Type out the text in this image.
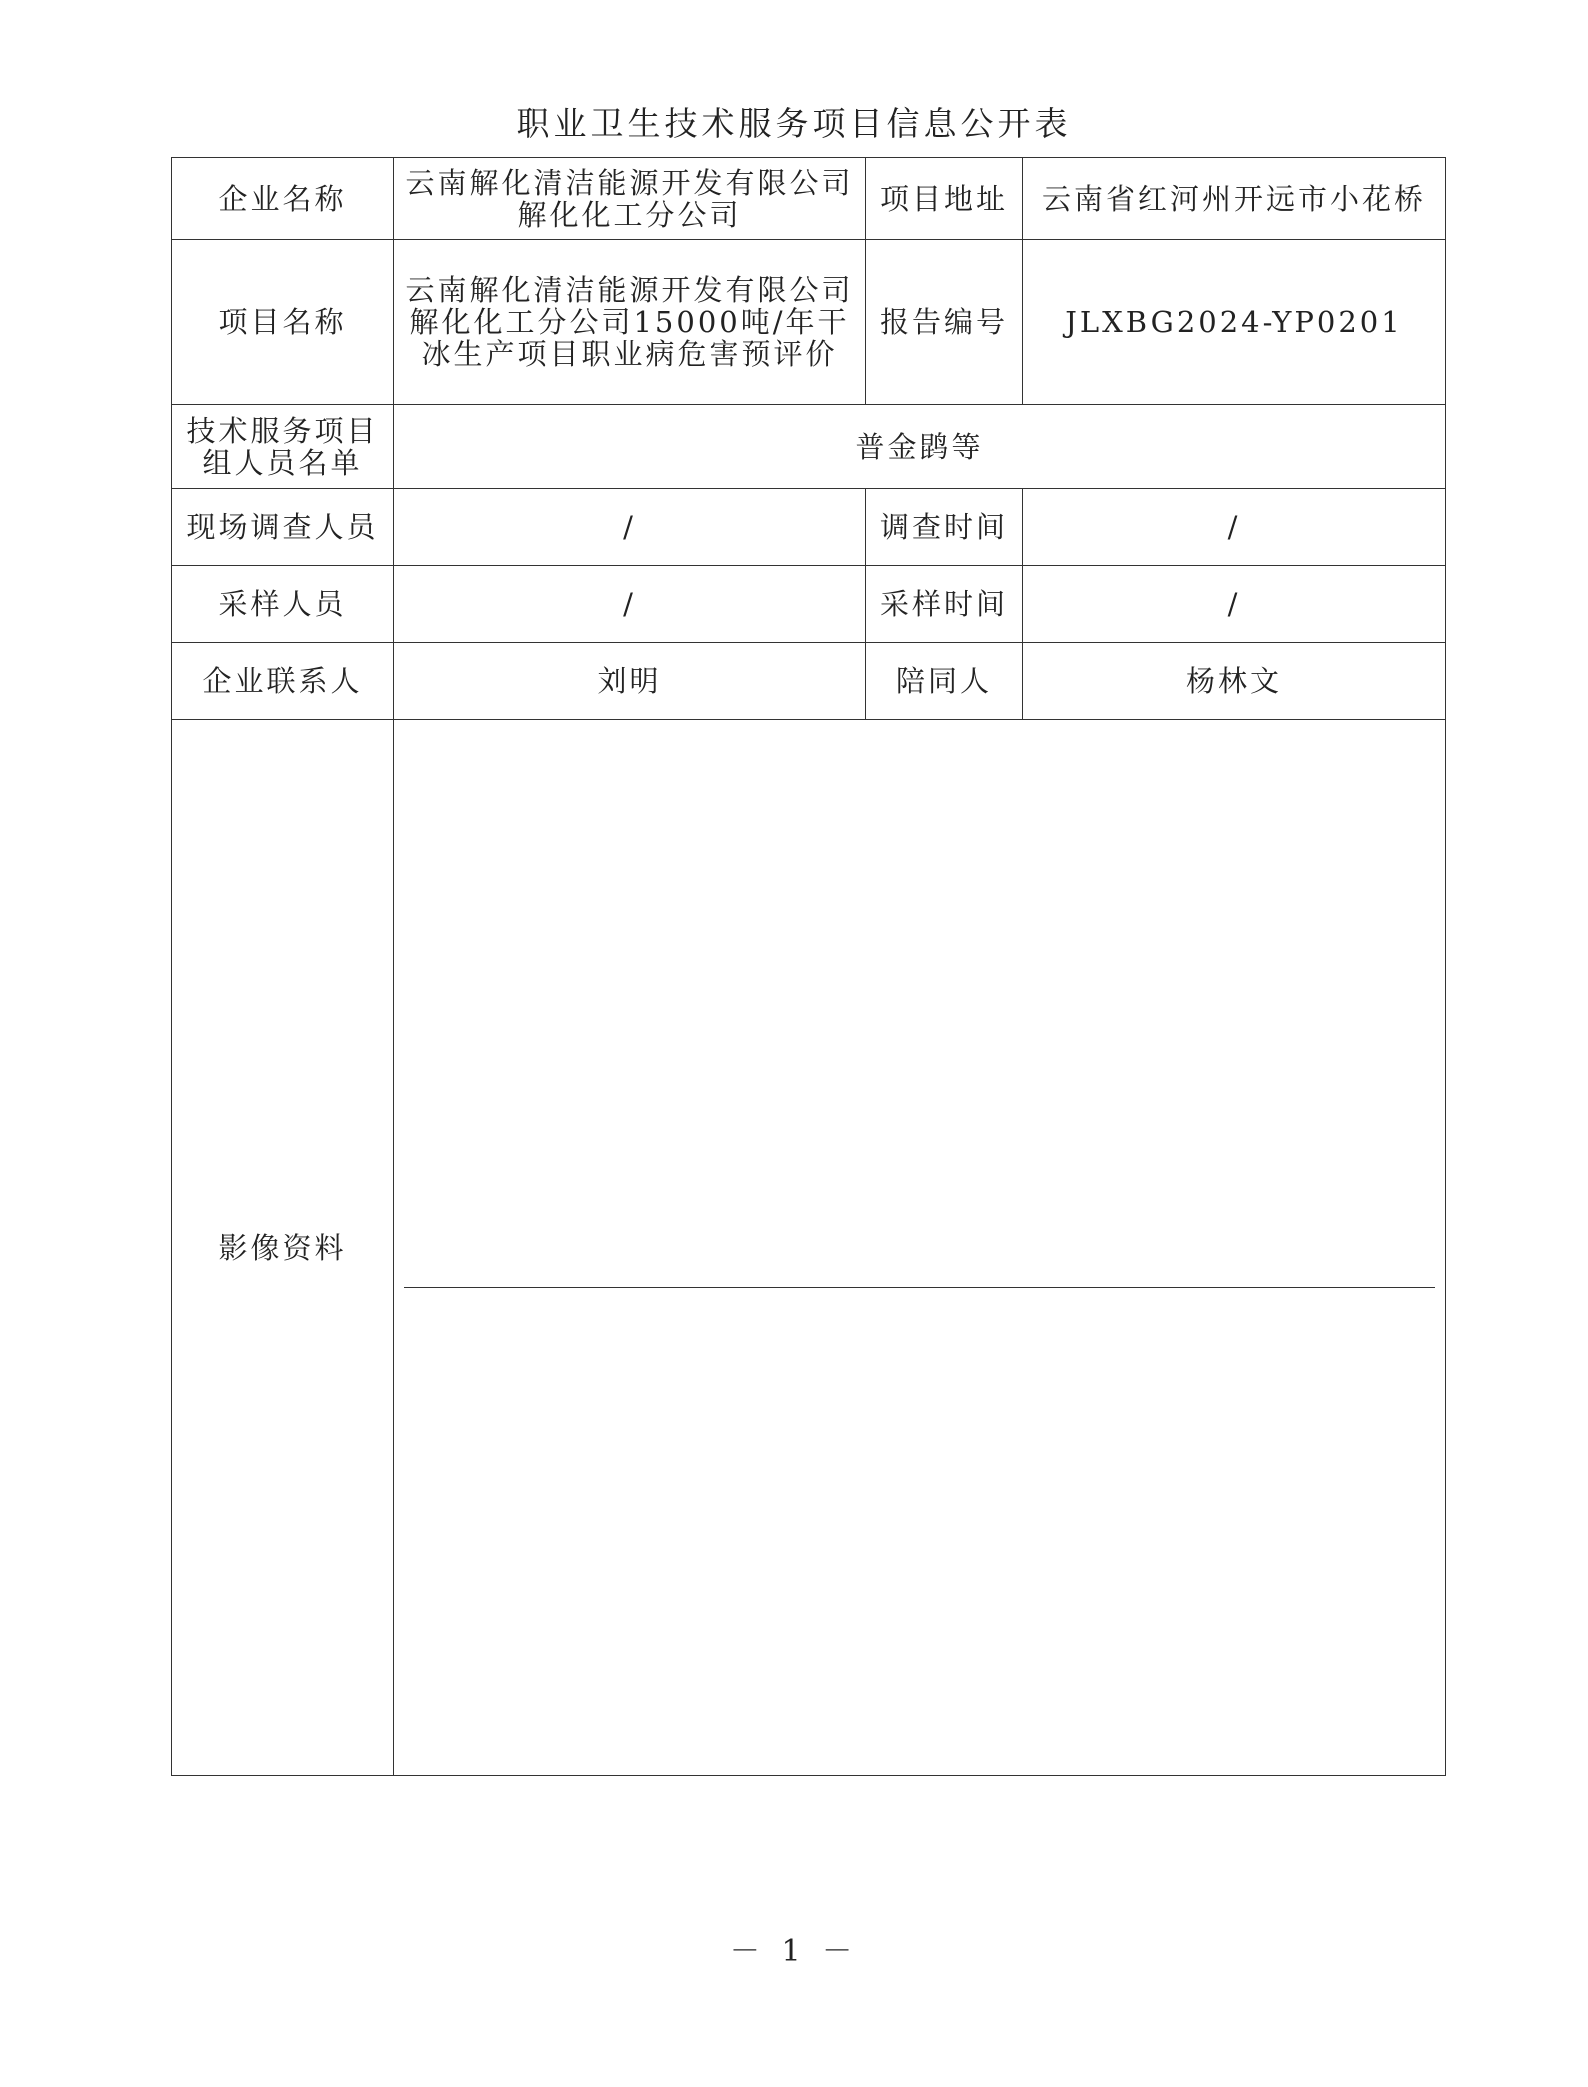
职业卫生技术服务项目信息公开表
企业名称	云南解化清洁能源开发有限公司解化化工分公司	项目地址	云南省红河州开远市小花桥
项目名称	云南解化清洁能源开发有限公司解化化工分公司15000吨/年干冰生产项目职业病危害预评价	报告编号	JLXBG2024-YP0201
技术服务项目组人员名单	普金鹍等		
现场调查人员	/	调查时间	/
采样人员	/	采样时间	/
企业联系人	刘明	陪同人	杨林文
影像资料			
－ 1 －
